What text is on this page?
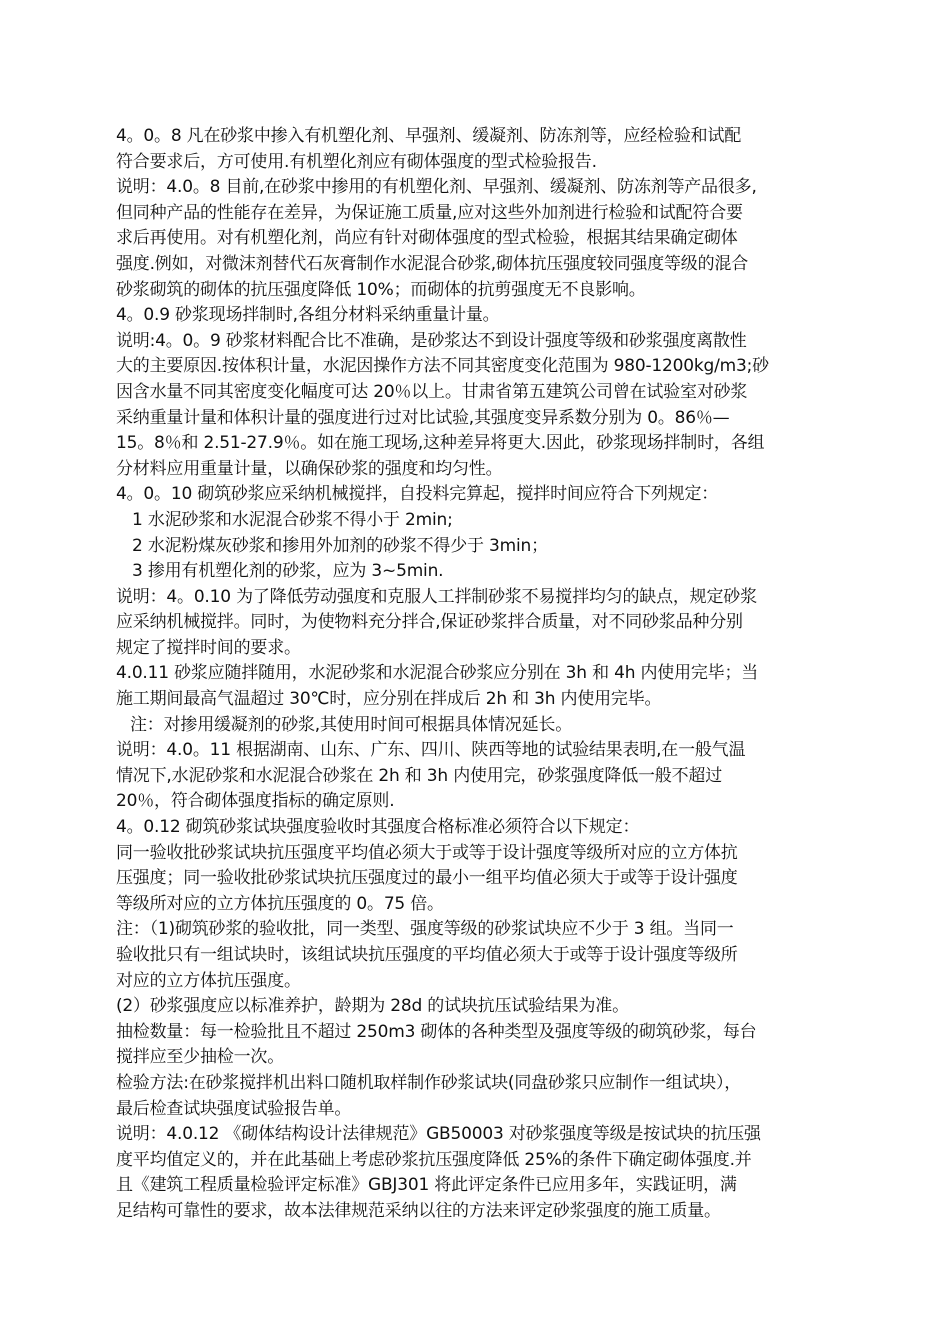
4。0。8 凡在砂浆中掺入有机塑化剂、早强剂、缓凝剂、防冻剂等，应经检验和试配
符合要求后，方可使用.有机塑化剂应有砌体强度的型式检验报告.
说明：4.0。8 目前,在砂浆中掺用的有机塑化剂、早强剂、缓凝剂、防冻剂等产品很多,
但同种产品的性能存在差异，为保证施工质量,应对这些外加剂进行检验和试配符合要
求后再使用。对有机塑化剂，尚应有针对砌体强度的型式检验，根据其结果确定砌体
强度.例如，对微沫剂替代石灰膏制作水泥混合砂浆,砌体抗压强度较同强度等级的混合
砂浆砌筑的砌体的抗压强度降低 10%；而砌体的抗剪强度无不良影响。
4。0.9 砂浆现场拌制时,各组分材料采纳重量计量。
说明:4。0。9 砂浆材料配合比不准确，是砂浆达不到设计强度等级和砂浆强度离散性
大的主要原因.按体积计量，水泥因操作方法不同其密度变化范围为 980-1200kg/m3;砂
因含水量不同其密度变化幅度可达 20％以上。甘肃省第五建筑公司曾在试验室对砂浆
采纳重量计量和体积计量的强度进行过对比试验,其强度变异系数分别为 0。86％—
15。8％和 2.51-27.9％。如在施工现场,这种差异将更大.因此，砂浆现场拌制时，各组
分材料应用重量计量，以确保砂浆的强度和均匀性。
4。0。10 砌筑砂浆应采纳机械搅拌，自投料完算起，搅拌时间应符合下列规定：
1 水泥砂浆和水泥混合砂浆不得小于 2min;
2 水泥粉煤灰砂浆和掺用外加剂的砂浆不得少于 3min；
3 掺用有机塑化剂的砂浆，应为 3~5min.
说明：4。0.10 为了降低劳动强度和克服人工拌制砂浆不易搅拌均匀的缺点，规定砂浆
应采纳机械搅拌。同时，为使物料充分拌合,保证砂浆拌合质量，对不同砂浆品种分别
规定了搅拌时间的要求。
4.0.11 砂浆应随拌随用，水泥砂浆和水泥混合砂浆应分别在 3h 和 4h 内使用完毕；当
施工期间最高气温超过 30℃时，应分别在拌成后 2h 和 3h 内使用完毕。
注：对掺用缓凝剂的砂浆,其使用时间可根据具体情况延长。
说明：4.0。11 根据湖南、山东、广东、四川、陕西等地的试验结果表明,在一般气温
情况下,水泥砂浆和水泥混合砂浆在 2h 和 3h 内使用完，砂浆强度降低一般不超过
20％，符合砌体强度指标的确定原则.
4。0.12 砌筑砂浆试块强度验收时其强度合格标准必须符合以下规定：
同一验收批砂浆试块抗压强度平均值必须大于或等于设计强度等级所对应的立方体抗
压强度；同一验收批砂浆试块抗压强度过的最小一组平均值必须大于或等于设计强度
等级所对应的立方体抗压强度的 0。75 倍。
注：（1)砌筑砂浆的验收批，同一类型、强度等级的砂浆试块应不少于 3 组。当同一
验收批只有一组试块时，该组试块抗压强度的平均值必须大于或等于设计强度等级所
对应的立方体抗压强度。
(2）砂浆强度应以标准养护，龄期为 28d 的试块抗压试验结果为准。
抽检数量：每一检验批且不超过 250m3 砌体的各种类型及强度等级的砌筑砂浆，每台
搅拌应至少抽检一次。
检验方法:在砂浆搅拌机出料口随机取样制作砂浆试块(同盘砂浆只应制作一组试块），
最后检查试块强度试验报告单。
说明：4.0.12 《砌体结构设计法律规范》GB50003 对砂浆强度等级是按试块的抗压强
度平均值定义的，并在此基础上考虑砂浆抗压强度降低 25%的条件下确定砌体强度.并
且《建筑工程质量检验评定标准》GBJ301 将此评定条件已应用多年，实践证明，满
足结构可靠性的要求，故本法律规范采纳以往的方法来评定砂浆强度的施工质量。
